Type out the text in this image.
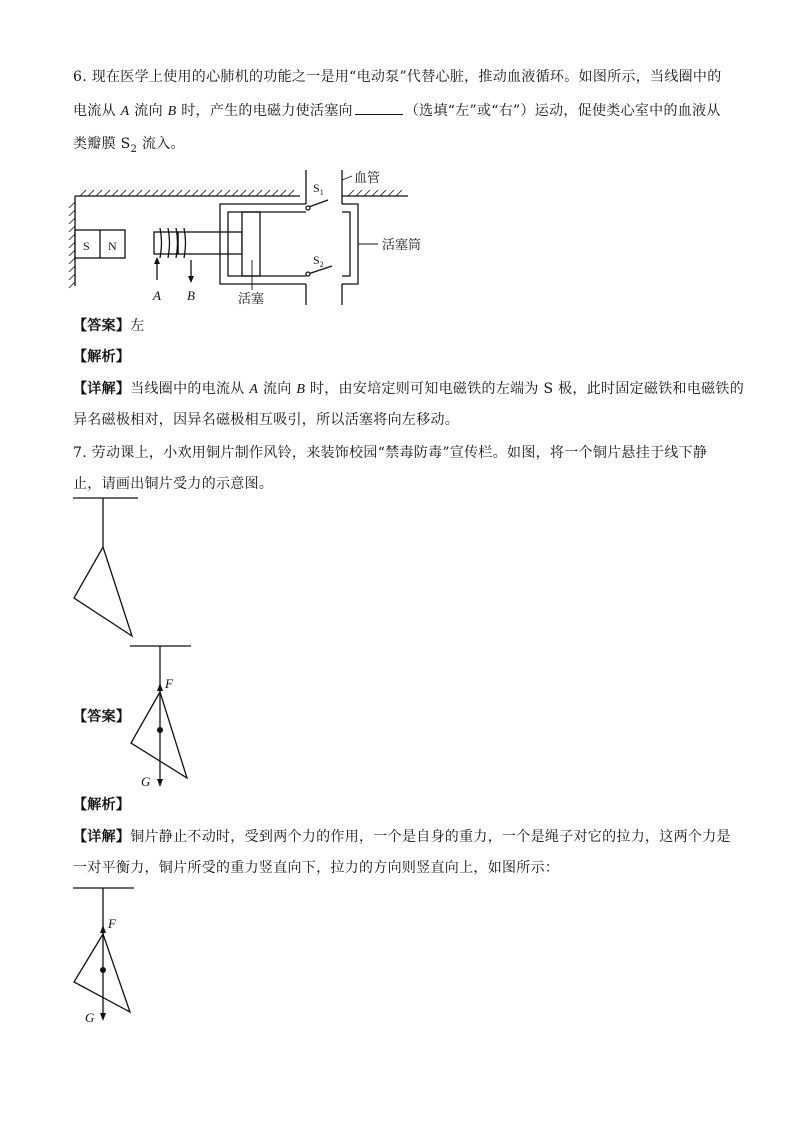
6. 现在医学上使用的心肺机的功能之一是用“电动泵”代替心脏，推动血液循环。如图所示，当线圈中的
电流从 A 流向 B 时，产生的电磁力使活塞向	（选填“左”或“右”）运动，促使类心室中的血液从
类瓣膜 $S_2$ 流入。
S N
A B
$S_1$
$S_2$
血管
活塞筒
活塞
【答案】左
【解析】
【详解】当线圈中的电流从 A 流向 B 时，由安培定则可知电磁铁的左端为 S 极，此时固定磁铁和电磁铁的
异名磁极相对，因异名磁极相互吸引，所以活塞将向左移动。
7. 劳动课上，小欢用铜片制作风铃，来装饰校园“禁毒防毒”宣传栏。如图，将一个铜片悬挂于线下静
止，请画出铜片受力的示意图。
【答案】
F
G
【解析】
【详解】铜片静止不动时，受到两个力的作用，一个是自身的重力，一个是绳子对它的拉力，这两个力是
一对平衡力，铜片所受的重力竖直向下，拉力的方向则竖直向上，如图所示：
F
G
